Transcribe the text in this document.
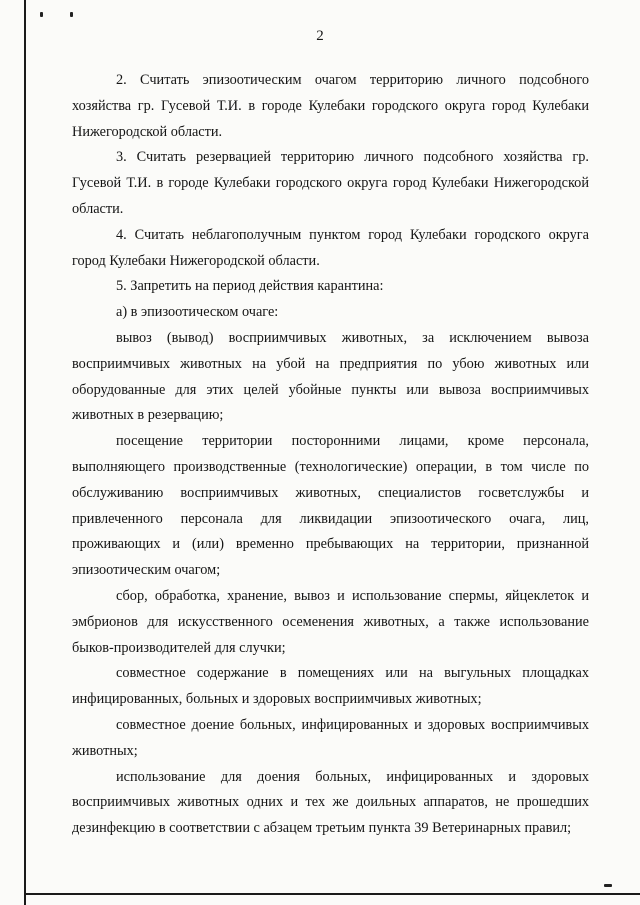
2

2. Считать эпизоотическим очагом территорию личного подсобного хозяйства гр. Гусевой Т.И. в городе Кулебаки городского округа город Кулебаки Нижегородской области.

3. Считать резервацией территорию личного подсобного хозяйства гр. Гусевой Т.И. в городе Кулебаки городского округа город Кулебаки Нижегородской области.

4. Считать неблагополучным пунктом город Кулебаки городского округа город Кулебаки Нижегородской области.

5. Запретить на период действия карантина:

а) в эпизоотическом очаге:

вывоз (вывод) восприимчивых животных, за исключением вывоза восприимчивых животных на убой на предприятия по убою животных или оборудованные для этих целей убойные пункты или вывоза восприимчивых животных в резервацию;

посещение территории посторонними лицами, кроме персонала, выполняющего производственные (технологические) операции, в том числе по обслуживанию восприимчивых животных, специалистов госветслужбы и привлеченного персонала для ликвидации эпизоотического очага, лиц, проживающих и (или) временно пребывающих на территории, признанной эпизоотическим очагом;

сбор, обработка, хранение, вывоз и использование спермы, яйцеклеток и эмбрионов для искусственного осеменения животных, а также использование быков-производителей для случки;

совместное содержание в помещениях или на выгульных площадках инфицированных, больных и здоровых восприимчивых животных;

совместное доение больных, инфицированных и здоровых восприимчивых животных;

использование для доения больных, инфицированных и здоровых восприимчивых животных одних и тех же доильных аппаратов, не прошедших дезинфекцию в соответствии с абзацем третьим пункта 39 Ветеринарных правил;
